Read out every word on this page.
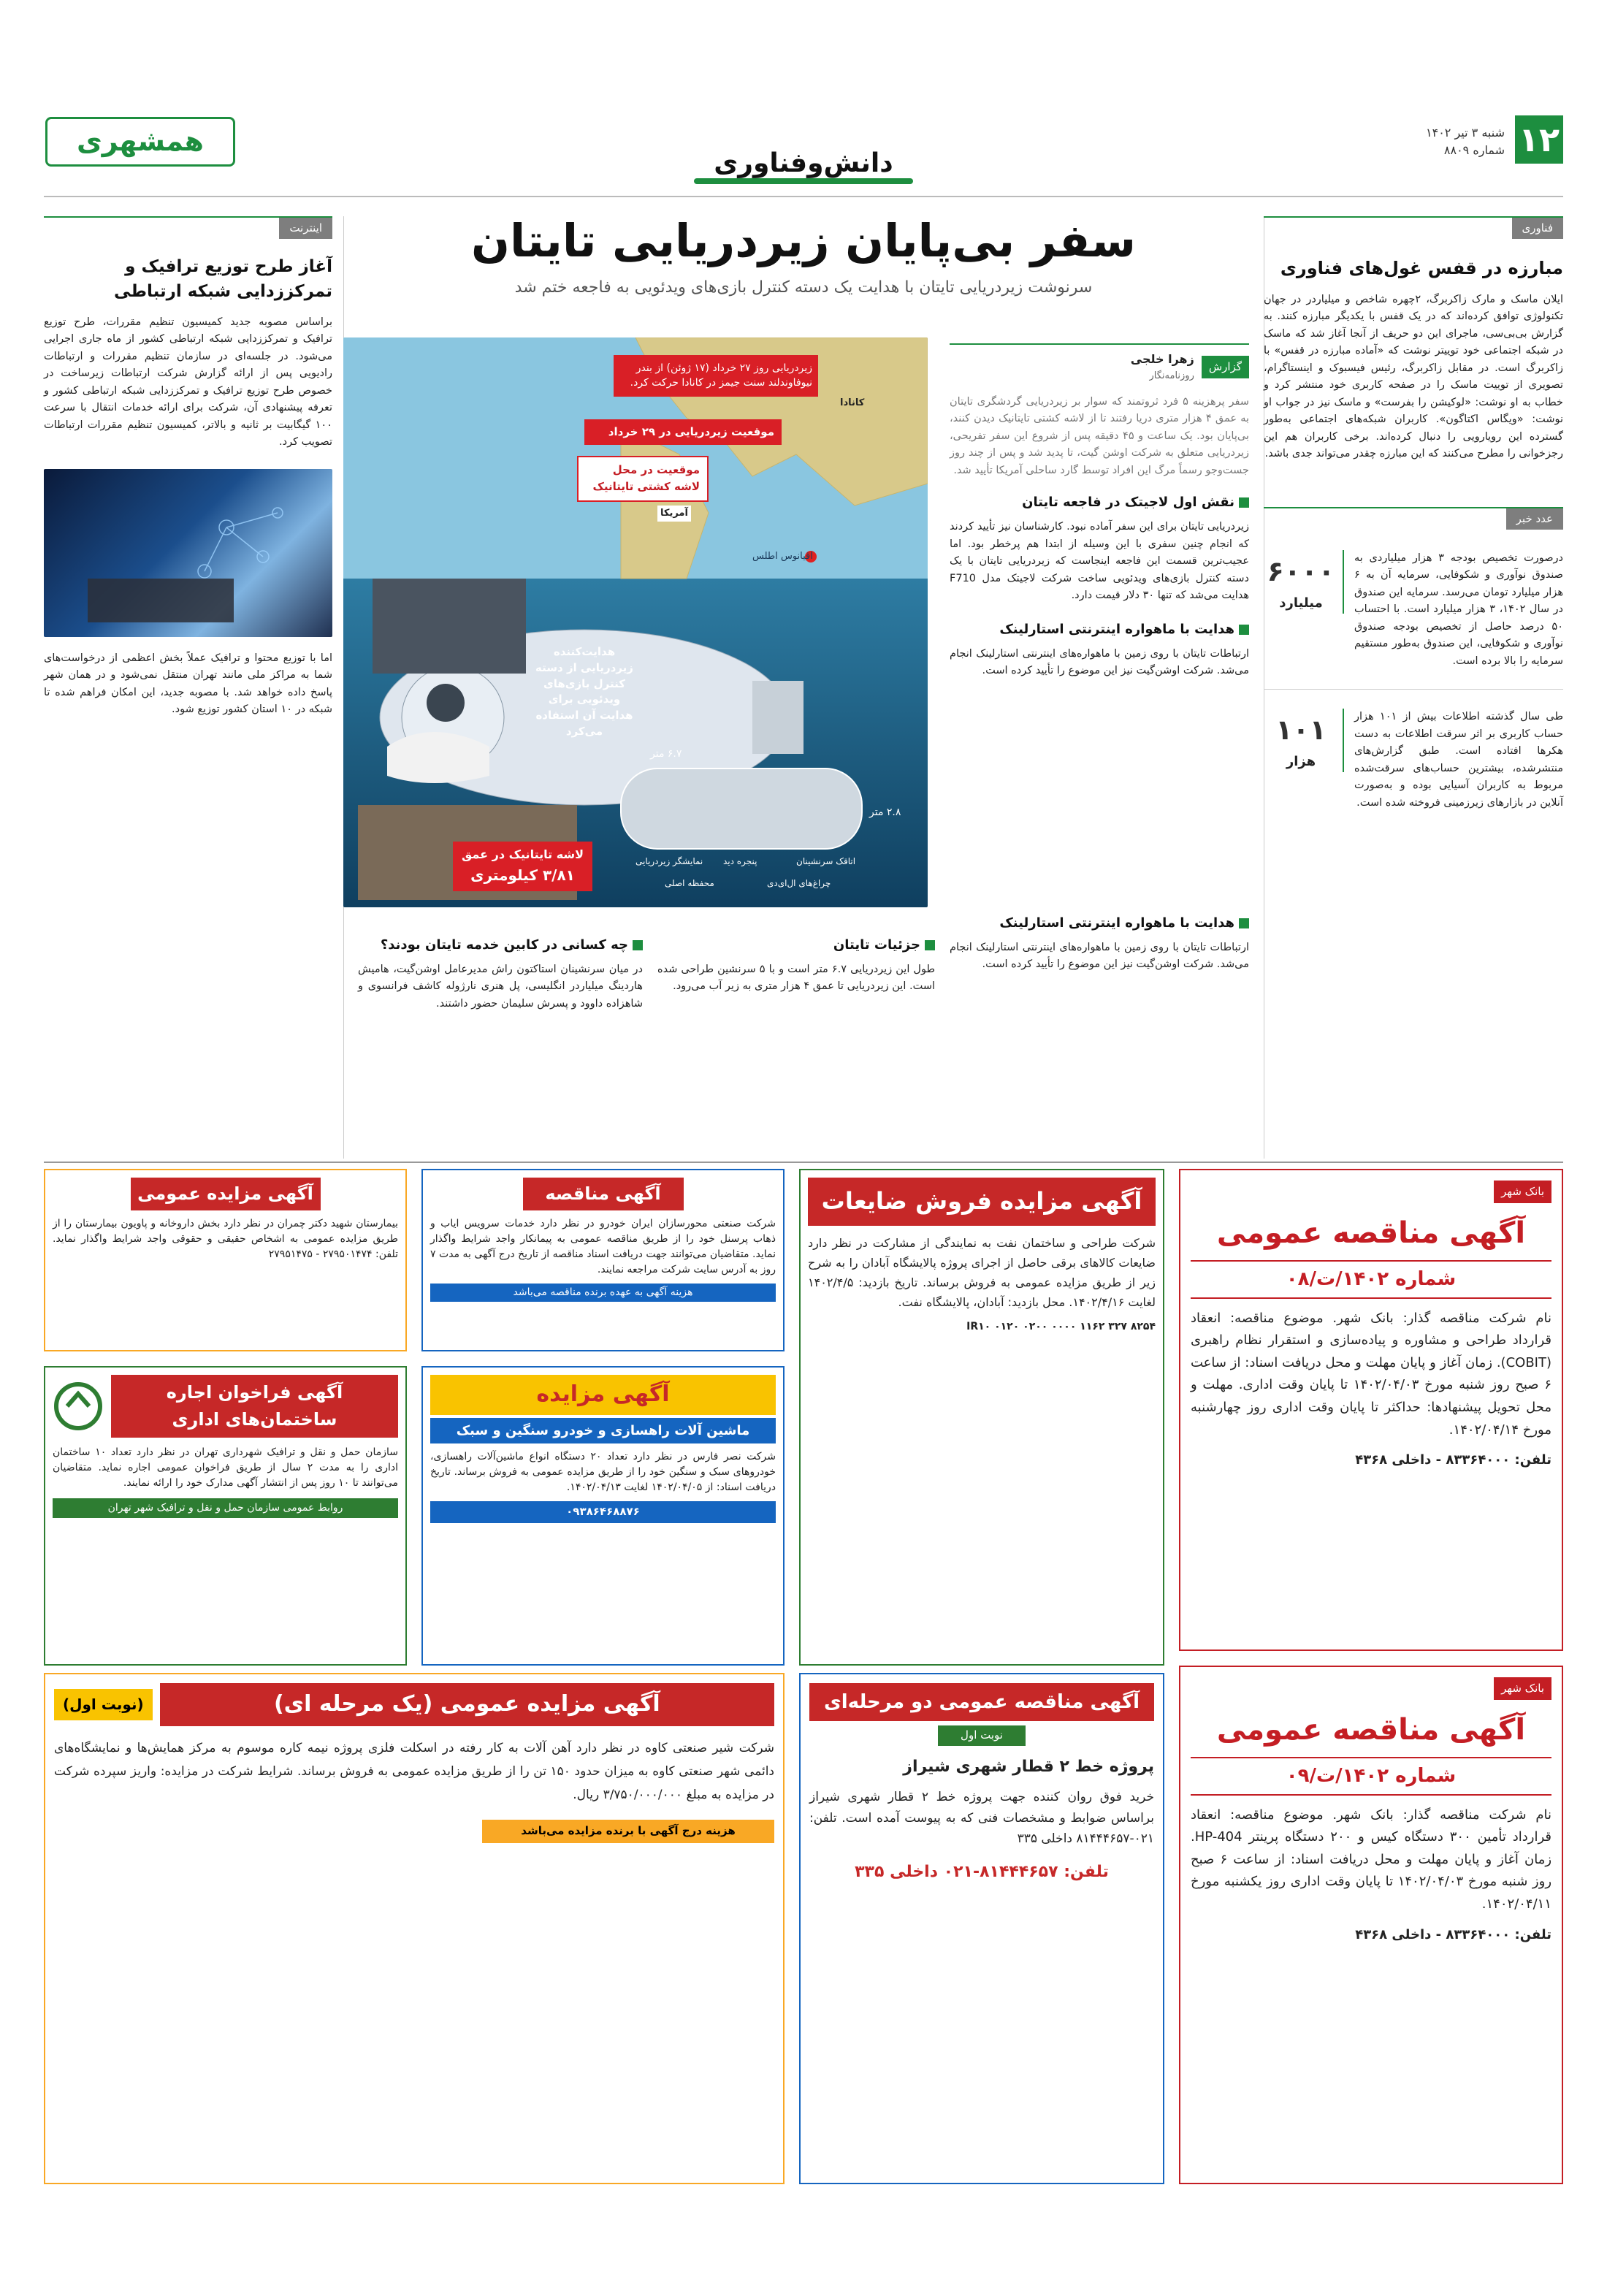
۱۲
شنبه ۳ تیر ۱۴۰۲
شماره ۸۸۰۹
دانش‌وفناوری
همشهری
فناوری
مبارزه در قفس غول‌های فناوری

ایلان ماسک و مارک زاکربرگ، ۲چهره شاخص و میلیاردر در جهان تکنولوژی توافق کرده‌اند که در یک قفس با یکدیگر مبارزه کنند. به گزارش بی‌بی‌سی، ماجرای این دو حریف از آنجا آغاز شد که ماسک در شبکه اجتماعی خود توییتر نوشت که «آماده مبارزه در قفس» با زاکربرگ است. در مقابل زاکربرگ، رئیس فیسبوک و اینستاگرام، تصویری از توییت ماسک را در صفحه کاربری خود منتشر کرد و خطاب به او نوشت: «لوکیشن را بفرست» و ماسک نیز در جواب او نوشت: «ویگاس اکتاگون». کاربران شبکه‌های اجتماعی به‌طور گسترده این رویارویی را دنبال کرده‌اند. برخی کاربران هم این رجزخوانی را مطرح می‌کنند که این مبارزه چقدر می‌تواند جدی باشد.

عدد خبر

درصورت تخصیص بودجه ۳ هزار میلیاردی به صندوق نوآوری و شکوفایی، سرمایه آن به ۶ هزار میلیارد تومان می‌رسد. سرمایه این صندوق در سال ۱۴۰۲، ۳ هزار میلیارد است. با احتساب ۵۰ درصد حاصل از تخصیص بودجه صندوق نوآوری و شکوفایی، این صندوق به‌طور مستقیم سرمایه را بالا برده است.

۶۰۰۰
میلیارد

طی سال گذشته اطلاعات بیش از ۱۰۱ هزار حساب کاربری بر اثر سرقت اطلاعات به دست هکرها افتاده است. طبق گزارش‌های منتشرشده، بیشترین حساب‌های سرقت‌شده مربوط به کاربران آسیایی بوده و به‌صورت آنلاین در بازارهای زیرزمینی فروخته شده است.

۱۰۱
هزار
اینترنت
آغاز طرح توزیع ترافیک و تمرکززدایی شبکه ارتباطی

براساس مصوبه جدید کمیسیون تنظیم مقررات، طرح توزیع ترافیک و تمرکززدایی شبکه ارتباطی کشور از ماه جاری اجرایی می‌شود. در جلسه‌ای در سازمان تنظیم مقررات و ارتباطات رادیویی پس از ارائه گزارش شرکت ارتباطات زیرساخت در خصوص طرح توزیع ترافیک و تمرکززدایی شبکه ارتباطی کشور و تعرفه پیشنهادی آن، شرکت برای ارائه خدمات انتقال با سرعت ۱۰۰ گیگابیت بر ثانیه و بالاتر، کمیسیون تنظیم مقررات ارتباطات تصویب کرد.

اما با توزیع محتوا و ترافیک عملاً بخش اعظمی از درخواست‌های شما به مراکز ملی مانند تهران منتقل نمی‌شود و در همان شهر پاسخ داده خواهد شد. با مصوبه جدید، این امکان فراهم شده تا شبکه در ۱۰ استان کشور توزیع شود.

سفر بی‌پایان زیردریایی تایتان
سرنوشت زیردریایی تایتان با هدایت یک دسته کنترل بازی‌های ویدئویی به فاجعه ختم شد
گزارش
زهرا خلجی
روزنامه‌نگار

سفر پرهزینه ۵ فرد ثروتمند که سوار بر زیردریایی گردشگری تایتان به عمق ۴ هزار متری دریا رفتند تا از لاشه کشتی تایتانیک دیدن کنند، بی‌پایان بود. یک ساعت و ۴۵ دقیقه پس از شروع این سفر تفریحی، زیردریایی متعلق به شرکت اوشن گیت، تا پدید شد و پس از چند روز جست‌وجو رسماً مرگ این افراد توسط گارد ساحلی آمریکا تأیید شد.

نقش اول لاجیتک در فاجعه تایتان

زیردریایی تایتان برای این سفر آماده نبود. کارشناسان نیز تأیید کردند که انجام چنین سفری با این وسیله از ابتدا هم پرخطر بود. اما عجیب‌ترین قسمت این فاجعه اینجاست که زیردریایی تایتان با یک دسته کنترل بازی‌های ویدئویی ساخت شرکت لاجیتک مدل F710 هدایت می‌شد که تنها ۳۰ دلار قیمت دارد.

هدایت با ماهواره اینترنتی استارلینک

ارتباطات تایتان با روی زمین با ماهواره‌های اینترنتی استارلینک انجام می‌شد. شرکت اوشن‌گیت نیز این موضوع را تأیید کرده است.

زیردریایی روز ۲۷ خرداد (۱۷ ژوئن) از بندر نیوفاوندلند سنت جیمز در کانادا حرکت کرد.
موقعیت زیردریایی در ۲۹ خرداد
موقعیت در محل لاشه کشتی تایتانیک
کانادا
آمریکا
اقیانوس اطلس
هدایت‌کننده زیردریایی از دسته کنترل بازی‌های ویدئویی برای هدایت آن استفاده می‌کرد
۶.۷ متر
۲.۸ متر
نمایشگر زیردریایی پنجره دید	اتاقک سرنشینان
محفظه اصلی	چراغ‌های ال‌ای‌دی
لاشه تایتانیک در عمق
۳/۸۱ کیلومتری
هدایت با ماهواره اینترنتی استارلینک

ارتباطات تایتان با روی زمین با ماهواره‌های اینترنتی استارلینک انجام می‌شد. شرکت اوشن‌گیت نیز این موضوع را تأیید کرده است.

جزئیات تایتان

طول این زیردریایی ۶.۷ متر است و با ۵ سرنشین طراحی شده است. این زیردریایی تا عمق ۴ هزار متری به زیر آب می‌رود.

چه کسانی در کابین خدمه تایتان بودند؟

در میان سرنشینان استاکتون راش مدیرعامل اوشن‌گیت، هامیش هاردینگ میلیاردر انگلیسی، پل هنری نارژوله کاشف فرانسوی و شاهزاده داوود و پسرش سلیمان حضور داشتند.

بانک شهر
آگهی مناقصه عمومی
شماره ۱۴۰۲/ت/۰۸

نام شرکت مناقصه گذار: بانک شهر. موضوع مناقصه: انعقاد قرارداد طراحی و مشاوره و پیاده‌سازی و استقرار نظام راهبری (COBIT). زمان آغاز و پایان مهلت و محل دریافت اسناد: از ساعت ۶ صبح روز شنبه مورخ ۱۴۰۲/۰۴/۰۳ تا پایان وقت اداری. مهلت و محل تحویل پیشنهادها: حداکثر تا پایان وقت اداری روز چهارشنبه مورخ ۱۴۰۲/۰۴/۱۴.

تلفن: ۸۳۳۶۴۰۰۰ - داخلی ۴۳۶۸
آگهی مزایده فروش ضایعات

شرکت طراحی و ساختمان نفت به نمایندگی از مشارکت در نظر دارد ضایعات کالاهای برقی حاصل از اجرای پروژه پالایشگاه آبادان را به شرح زیر از طریق مزایده عمومی به فروش برساند. تاریخ بازدید: ۱۴۰۲/۴/۵ لغایت ۱۴۰۲/۴/۱۶. محل بازدید: آبادان، پالایشگاه نفت.

IR۱۰ ۰۱۲۰ ۰۲۰۰ ۰۰۰۰ ۱۱۶۲ ۳۲۷ ۸۲۵۴
آگهی مناقصه

شرکت صنعتی محورسازان ایران خودرو در نظر دارد خدمات سرویس ایاب و ذهاب پرسنل خود را از طریق مناقصه عمومی به پیمانکار واجد شرایط واگذار نماید. متقاضیان می‌توانند جهت دریافت اسناد مناقصه از تاریخ درج آگهی به مدت ۷ روز به آدرس سایت شرکت مراجعه نمایند.

هزینه آگهی به عهده برنده مناقصه می‌باشد
آگهی مزایده عمومی

بیمارستان شهید دکتر چمران در نظر دارد بخش داروخانه و پاویون بیمارستان را از طریق مزایده عمومی به اشخاص حقیقی و حقوقی واجد شرایط واگذار نماید. تلفن: ۲۷۹۵۰۱۴۷۴ - ۲۷۹۵۱۴۷۵

آگهی مزایده
ماشین آلات راهسازی و خودرو سنگین و سبک

شرکت نصر فارس در نظر دارد تعداد ۲۰ دستگاه انواع ماشین‌آلات راهسازی، خودروهای سبک و سنگین خود را از طریق مزایده عمومی به فروش برساند. تاریخ دریافت اسناد: از ۱۴۰۲/۰۴/۰۵ لغایت ۱۴۰۲/۰۴/۱۳.

۰۹۳۸۶۴۶۸۸۷۶
آگهی فراخوان اجاره ساختمان‌های اداری

سازمان حمل و نقل و ترافیک شهرداری تهران در نظر دارد تعداد ۱۰ ساختمان اداری را به مدت ۲ سال از طریق فراخوان عمومی اجاره نماید. متقاضیان می‌توانند تا ۱۰ روز پس از انتشار آگهی مدارک خود را ارائه نمایند.

روابط عمومی سازمان حمل و نقل و ترافیک شهر تهران
بانک شهر
آگهی مناقصه عمومی
شماره ۱۴۰۲/ت/۰۹

نام شرکت مناقصه گذار: بانک شهر. موضوع مناقصه: انعقاد قرارداد تأمین ۳۰۰ دستگاه کیس و ۲۰۰ دستگاه پرینتر HP-404. زمان آغاز و پایان مهلت و محل دریافت اسناد: از ساعت ۶ صبح روز شنبه مورخ ۱۴۰۲/۰۴/۰۳ تا پایان وقت اداری روز یکشنبه مورخ ۱۴۰۲/۰۴/۱۱.

تلفن: ۸۳۳۶۴۰۰۰ - داخلی ۴۳۶۸
آگهی مناقصه عمومی دو مرحله‌ای
نوبت اول
پروژه خط ۲ قطار شهری شیراز

خرید فوق روان کننده جهت پروژه خط ۲ قطار شهری شیراز براساس ضوابط و مشخصات فنی که به پیوست آمده است. تلفن: ۰۲۱-۸۱۴۴۴۶۵۷ داخلی ۳۳۵

تلفن: ۸۱۴۴۴۶۵۷-۰۲۱ داخلی ۳۳۵
آگهی مزایده عمومی (یک مرحله ای)
(نوبت اول)

شرکت شیر صنعتی کاوه در نظر دارد آهن آلات به کار رفته در اسکلت فلزی پروژه نیمه کاره موسوم به مرکز همایش‌ها و نمایشگاه‌های دائمی شهر صنعتی کاوه به میزان حدود ۱۵۰ تن را از طریق مزایده عمومی به فروش برساند. شرایط شرکت در مزایده: واریز سپرده شرکت در مزایده به مبلغ ۳/۷۵۰/۰۰۰/۰۰۰ ریال.

هزینه درج آگهی با برنده مزایده می‌باشد
